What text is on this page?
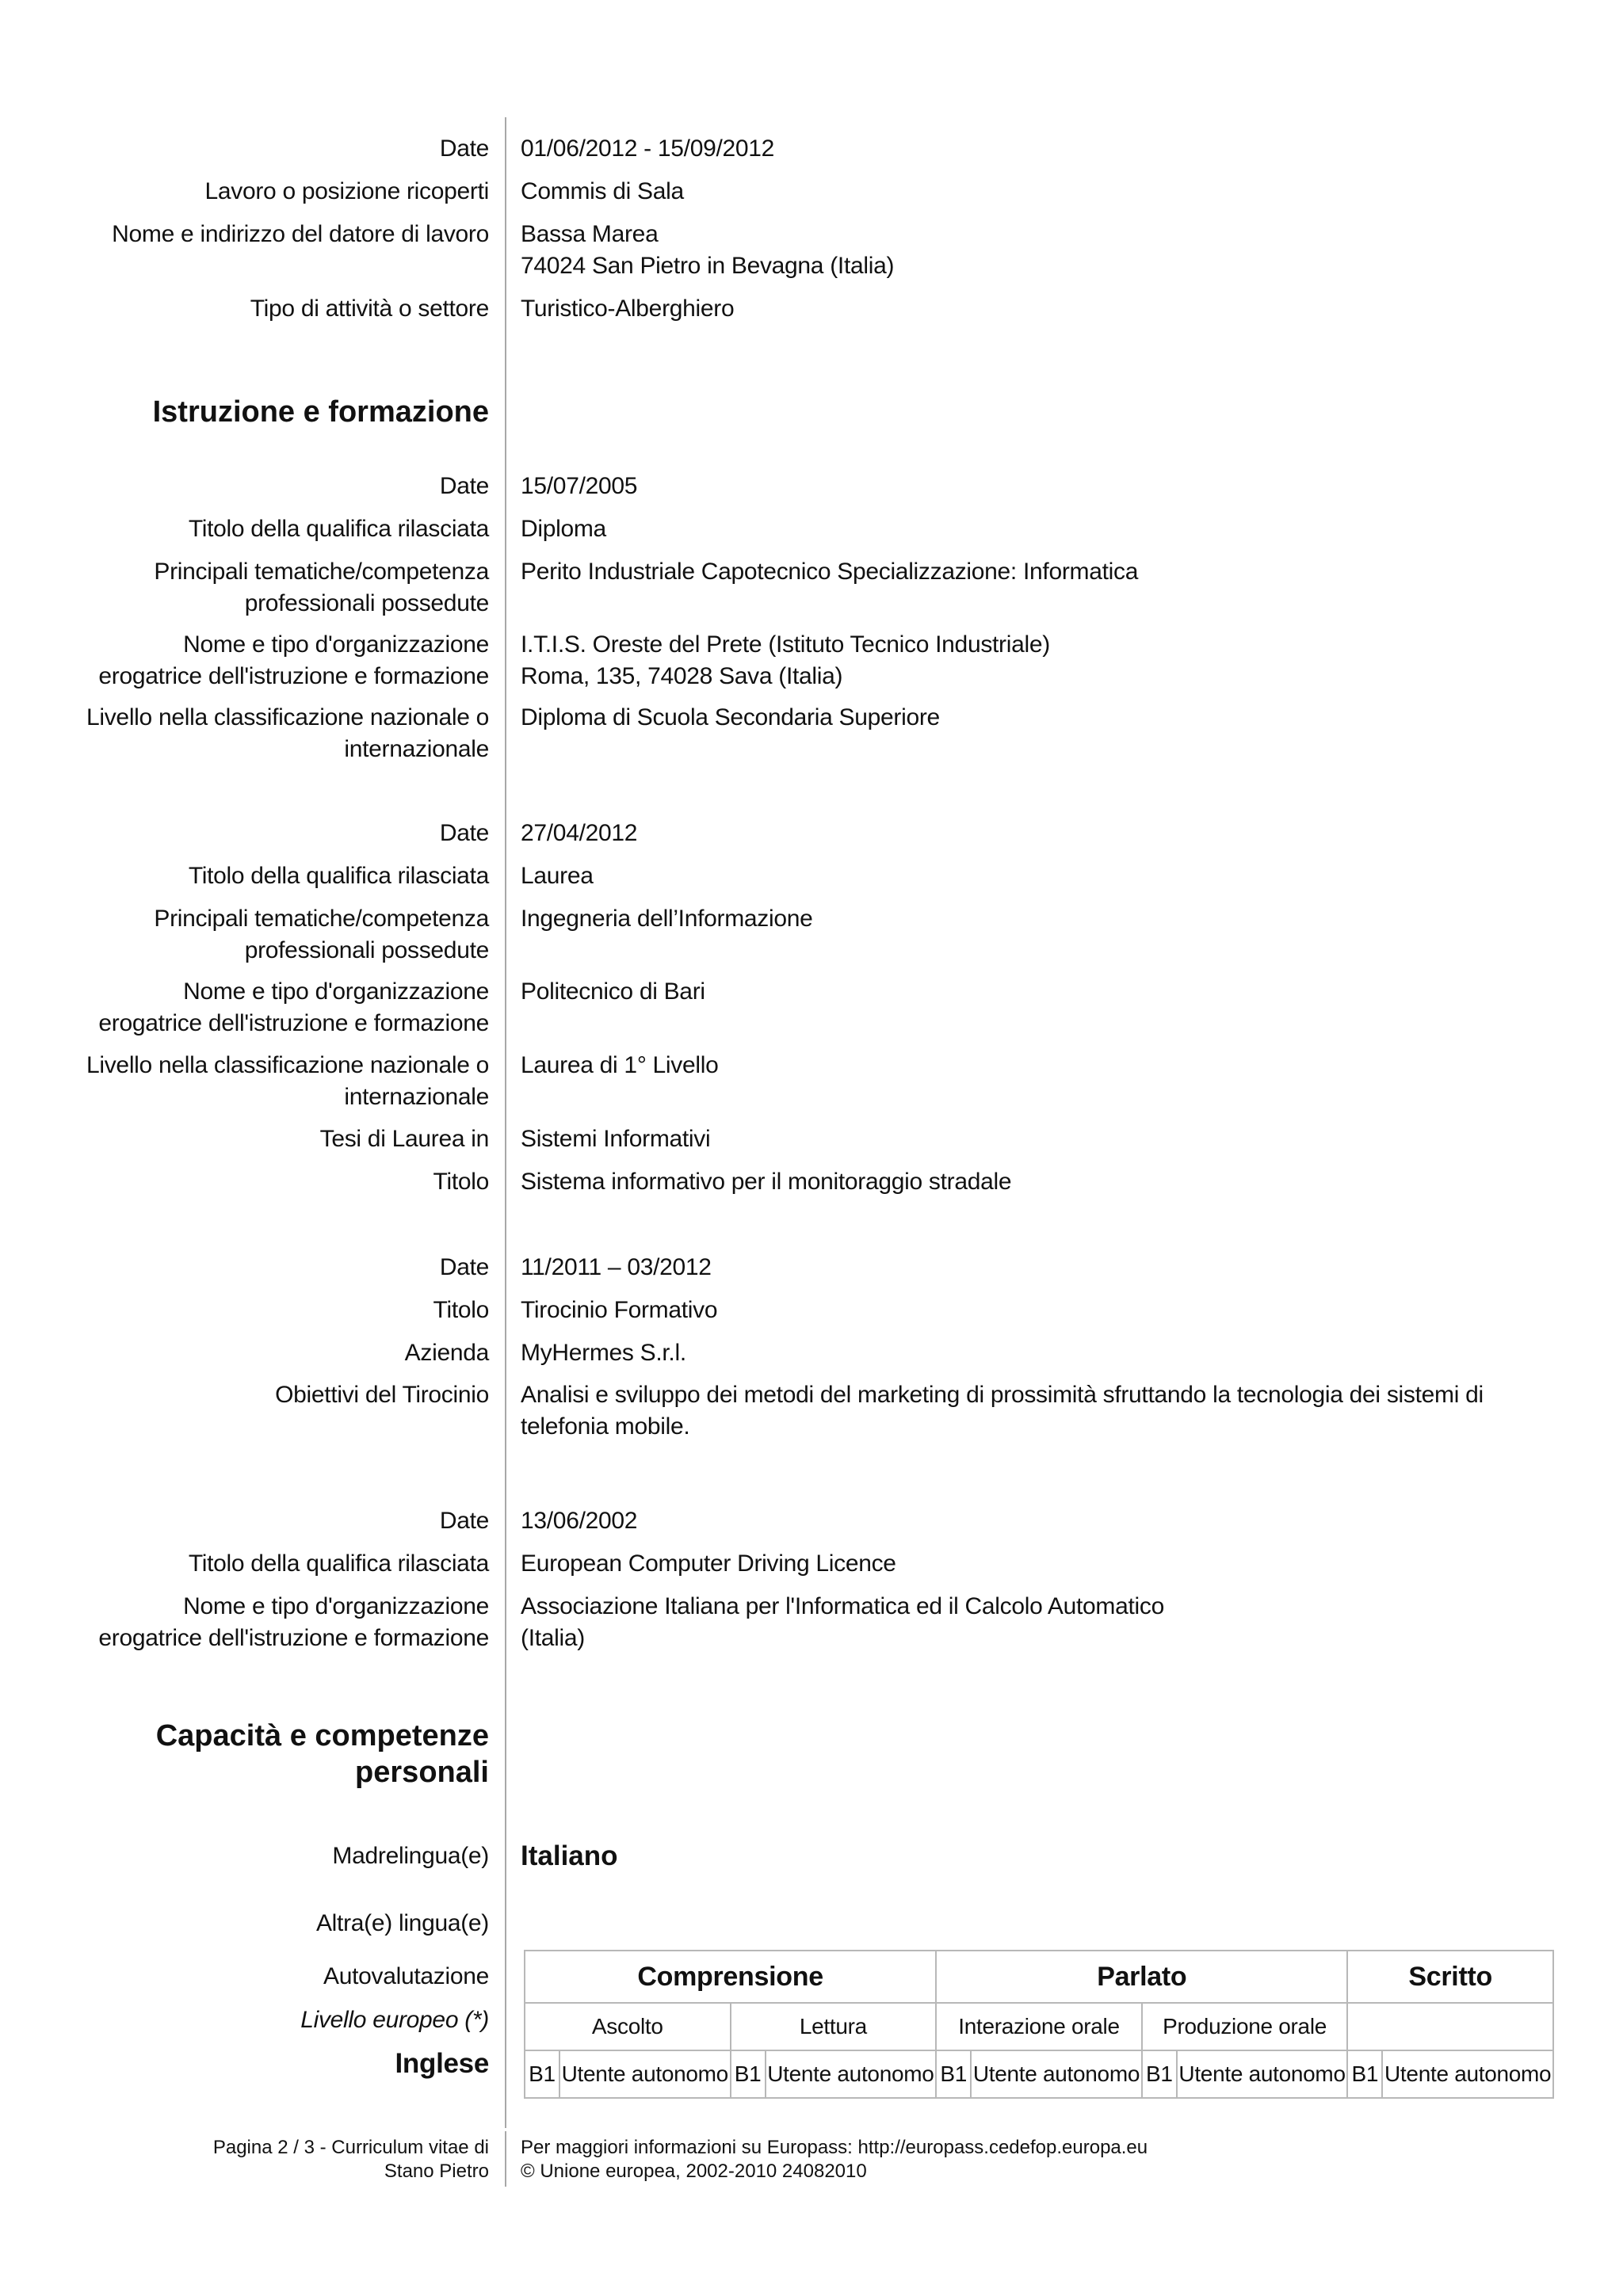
Date 01/06/2012 - 15/09/2012
Lavoro o posizione ricoperti Commis di Sala
Nome e indirizzo del datore di lavoro Bassa Marea
74024 San Pietro in Bevagna (Italia)
Tipo di attività o settore Turistico-Alberghiero
Istruzione e formazione
Date 15/07/2005
Titolo della qualifica rilasciata Diploma
Principali tematiche/competenza
professionali possedute
Perito Industriale Capotecnico Specializzazione: Informatica
Nome e tipo d'organizzazione
erogatrice dell'istruzione e formazione
I.T.I.S. Oreste del Prete (Istituto Tecnico Industriale)
Roma, 135, 74028 Sava (Italia)
Livello nella classificazione nazionale o
internazionale
Diploma di Scuola Secondaria Superiore
Date 27/04/2012
Titolo della qualifica rilasciata Laurea
Principali tematiche/competenza
professionali possedute
Ingegneria dell’Informazione
Nome e tipo d'organizzazione
erogatrice dell'istruzione e formazione
Politecnico di Bari
Livello nella classificazione nazionale o
internazionale
Laurea di 1° Livello
Tesi di Laurea in Sistemi Informativi
Titolo Sistema informativo per il monitoraggio stradale
Date 11/2011 – 03/2012
Titolo Tirocinio Formativo
Azienda MyHermes S.r.l.
Obiettivi del Tirocinio Analisi e sviluppo dei metodi del marketing di prossimità sfruttando la tecnologia dei sistemi di
telefonia mobile.
Date 13/06/2002
Titolo della qualifica rilasciata European Computer Driving Licence
Nome e tipo d'organizzazione
erogatrice dell'istruzione e formazione
Associazione Italiana per l'Informatica ed il Calcolo Automatico
(Italia)
Capacità e competenze
personali
Madrelingua(e) Italiano
Altra(e) lingua(e)
Autovalutazione
Livello europeo (*)
Inglese
Comprensione				Parlato				Scritto	
Ascolto		Lettura		Interazione orale		Produzione orale			
B1	Utente autonomo	B1	Utente autonomo	B1	Utente autonomo	B1	Utente autonomo	B1	Utente autonomo
Pagina 2 / 3 - Curriculum vitae di
Stano Pietro
Per maggiori informazioni su Europass: http://europass.cedefop.europa.eu
© Unione europea, 2002-2010 24082010
